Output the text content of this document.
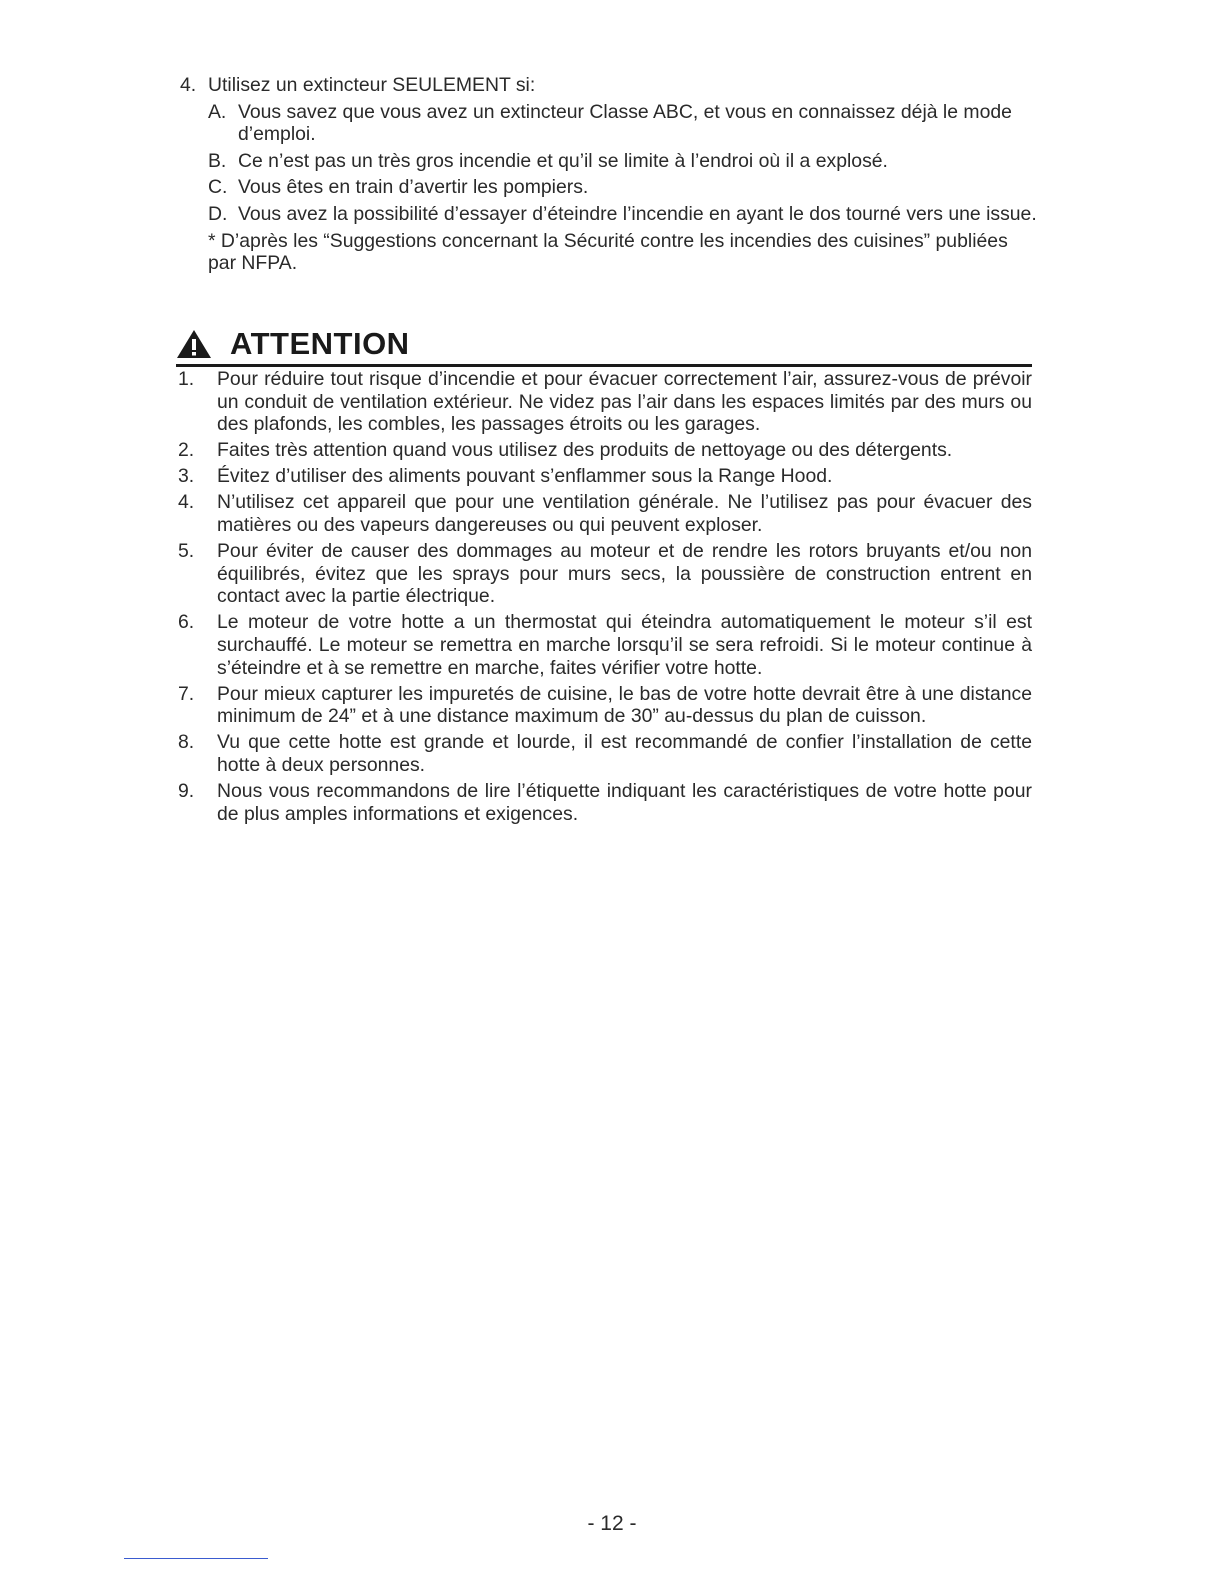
4. Utilisez un extincteur SEULEMENT si:
A. Vous savez que vous avez un extincteur Classe ABC, et vous en connaissez déjà le mode d’emploi.
B. Ce n’est pas un très gros incendie et qu’il se limite à l’endroi où il a explosé.
C. Vous êtes en train d’avertir les pompiers.
D. Vous avez la possibilité d’essayer d’éteindre l’incendie en ayant le dos tourné vers une issue.
* D’après les “Suggestions concernant la Sécurité contre les incendies des cuisines” publiées par NFPA.
ATTENTION
1.	Pour réduire tout risque d’incendie et pour évacuer correctement l’air, assurez-vous de prévoir un conduit de ventilation extérieur. Ne videz pas l’air dans les espaces limités par des murs ou des plafonds, les combles, les passages étroits ou les garages.
2.	Faites très attention quand vous utilisez des produits de nettoyage ou des détergents.
3.	Évitez d’utiliser des aliments pouvant s’enflammer sous la Range Hood.
4.	N’utilisez cet appareil que pour une ventilation générale. Ne l’utilisez pas pour évacuer des matières ou des vapeurs dangereuses ou qui peuvent exploser.
5.	Pour éviter de causer des dommages au moteur et de rendre les rotors bruyants et/ou non équilibrés, évitez que les sprays pour murs secs, la poussière de construction entrent en contact avec la partie électrique.
6.	Le moteur de votre hotte a un thermostat qui éteindra automatiquement le moteur s’il est surchauffé. Le moteur se remettra en marche lorsqu’il se sera refroidi. Si le moteur continue à s’éteindre et à se remettre en marche, faites vérifier votre hotte.
7.	Pour mieux capturer les impuretés de cuisine, le bas de votre hotte devrait être à une distance minimum de 24” et à une distance maximum de 30” au-dessus du plan de cuisson.
8.	Vu que cette hotte est grande et lourde, il est recommandé de confier l’installation de cette hotte à deux personnes.
9.	Nous vous recommandons de lire l’étiquette indiquant les caractéristiques de votre hotte pour de plus amples informations et exigences.
- 12 -
